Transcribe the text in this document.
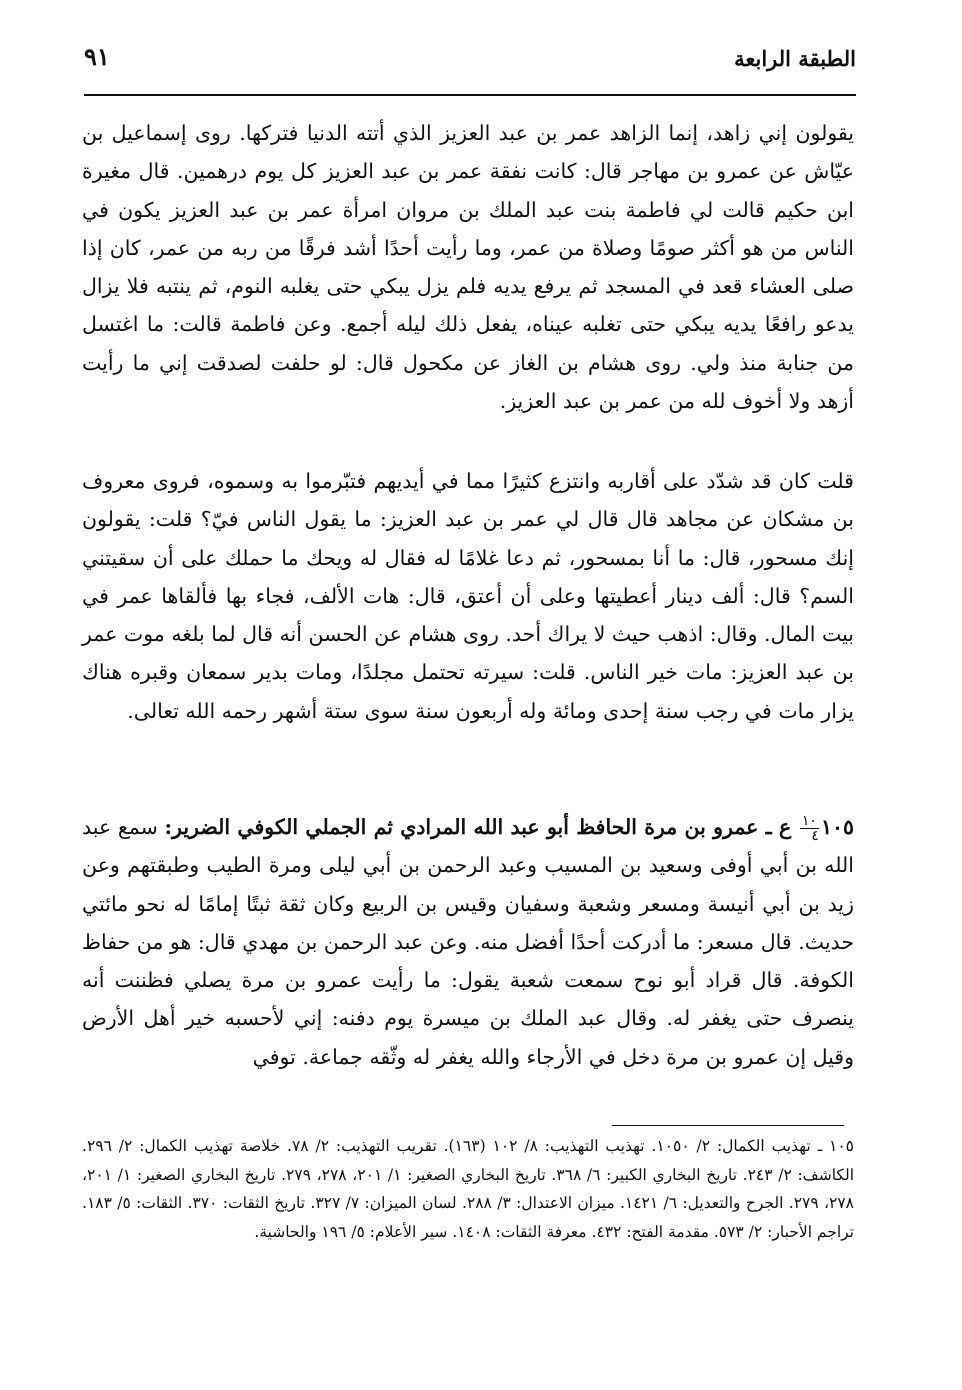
الطبقة الرابعة
٩١

يقولون إني زاهد، إنما الزاهد عمر بن عبد العزيز الذي أتته الدنيا فتركها. روى إسماعيل بن عيّاش عن عمرو بن مهاجر قال: كانت نفقة عمر بن عبد العزيز كل يوم درهمين. قال مغيرة ابن حكيم قالت لي فاطمة بنت عبد الملك بن مروان امرأة عمر بن عبد العزيز يكون في الناس من هو أكثر صومًا وصلاة من عمر، وما رأيت أحدًا أشد فرقًا من ربه من عمر، كان إذا صلى العشاء قعد في المسجد ثم يرفع يديه فلم يزل يبكي حتى يغلبه النوم، ثم ينتبه فلا يزال يدعو رافعًا يديه يبكي حتى تغلبه عيناه، يفعل ذلك ليله أجمع. وعن فاطمة قالت: ما اغتسل من جنابة منذ ولي. روى هشام بن الغاز عن مكحول قال: لو حلفت لصدقت إني ما رأيت أزهد ولا أخوف لله من عمر بن عبد العزيز.

قلت كان قد شدّد على أقاربه وانتزع كثيرًا مما في أيديهم فتبّرموا به وسموه، فروى معروف بن مشكان عن مجاهد قال قال لي عمر بن عبد العزيز: ما يقول الناس فيّ؟ قلت: يقولون إنك مسحور، قال: ما أنا بمسحور، ثم دعا غلامًا له فقال له ويحك ما حملك على أن سقيتني السم؟ قال: ألف دينار أعطيتها وعلى أن أعتق، قال: هات الألف، فجاء بها فألقاها عمر في بيت المال. وقال: اذهب حيث لا يراك أحد. روى هشام عن الحسن أنه قال لما بلغه موت عمر بن عبد العزيز: مات خير الناس. قلت: سيرته تحتمل مجلدًا، ومات بدير سمعان وقبره هناك يزار مات في رجب سنة إحدى ومائة وله أربعون سنة سوى ستة أشهر رحمه الله تعالى.

١٠٥
$\frac{١٠}{٤}$
ع ـ عمرو بن مرة الحافظ أبو عبد الله المرادي ثم الجملي الكوفي الضرير: سمع عبد الله بن أبي أوفى وسعيد بن المسيب وعبد الرحمن بن أبي ليلى ومرة الطيب وطبقتهم وعن زيد بن أبي أنيسة ومسعر وشعبة وسفيان وقيس بن الربيع وكان ثقة ثبتًا إمامًا له نحو مائتي حديث. قال مسعر: ما أدركت أحدًا أفضل منه. وعن عبد الرحمن بن مهدي قال: هو من حفاظ الكوفة. قال قراد أبو نوح سمعت شعبة يقول: ما رأيت عمرو بن مرة يصلي فظننت أنه ينصرف حتى يغفر له. وقال عبد الملك بن ميسرة يوم دفنه: إني لأحسبه خير أهل الأرض وقيل إن عمرو بن مرة دخل في الأرجاء والله يغفر له وثّقه جماعة. توفي

١٠٥ ـ تهذيب الكمال: ٢/ ١٠٥٠. تهذيب التهذيب: ٨/ ١٠٢ (١٦٣). تقريب التهذيب: ٢/ ٧٨. خلاصة تهذيب الكمال: ٢/ ٢٩٦. الكاشف: ٢/ ٢٤٣. تاريخ البخاري الكبير: ٦/ ٣٦٨. تاريخ البخاري الصغير: ١/ ٢٠١، ٢٧٨، ٢٧٩. تاريخ البخاري الصغير: ١/ ٢٠١، ٢٧٨، ٢٧٩. الجرح والتعديل: ٦/ ١٤٢١. ميزان الاعتدال: ٣/ ٢٨٨. لسان الميزان: ٧/ ٣٢٧. تاريخ الثقات: ٣٧٠. الثقات: ٥/ ١٨٣. تراجم الأحبار: ٢/ ٥٧٣. مقدمة الفتح: ٤٣٢. معرفة الثقات: ١٤٠٨. سير الأعلام: ٥/ ١٩٦ والحاشية.
